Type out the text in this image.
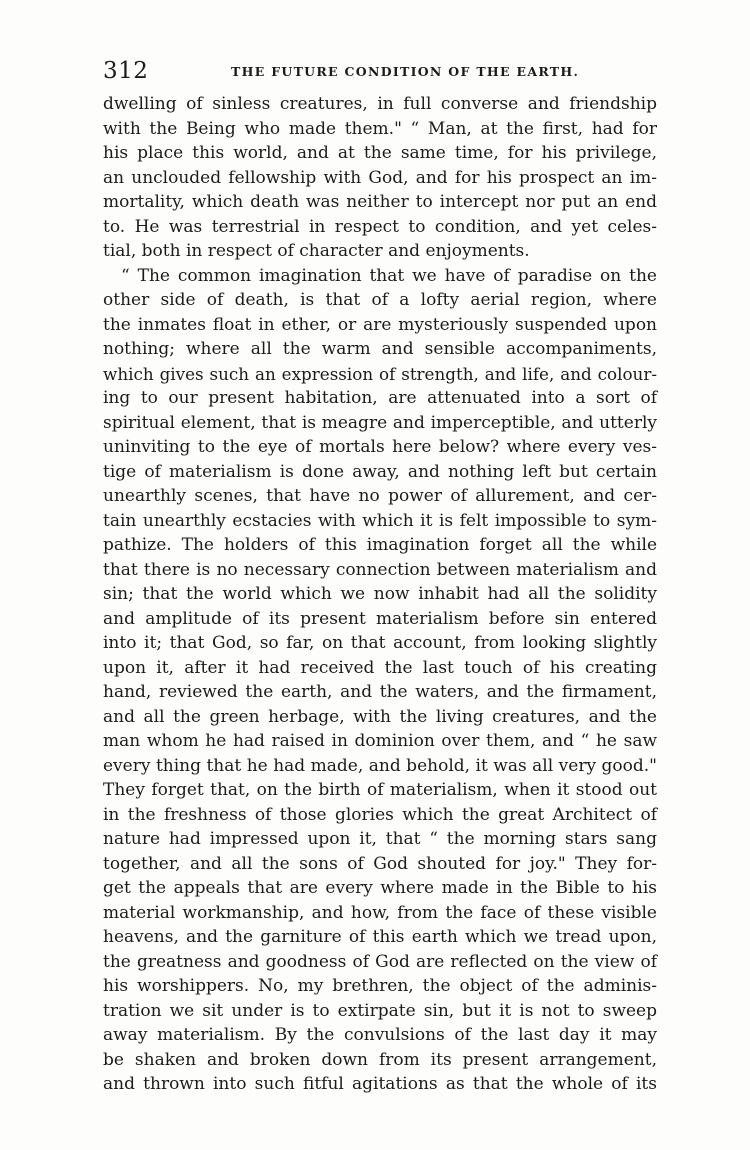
312	THE FUTURE CONDITION OF THE EARTH.
dwelling of sinless creatures, in full converse and friendship
with the Being who made them." “ Man, at the first, had for
his place this world, and at the same time, for his privilege,
an unclouded fellowship with God, and for his prospect an im-
mortality, which death was neither to intercept nor put an end
to. He was terrestrial in respect to condition, and yet celes-
tial, both in respect of character and enjoyments.
“ The common imagination that we have of paradise on the
other side of death, is that of a lofty aerial region, where
the inmates float in ether, or are mysteriously suspended upon
nothing; where all the warm and sensible accompaniments,
which gives such an expression of strength, and life, and colour-
ing to our present habitation, are attenuated into a sort of
spiritual element, that is meagre and imperceptible, and utterly
uninviting to the eye of mortals here below? where every ves-
tige of materialism is done away, and nothing left but certain
unearthly scenes, that have no power of allurement, and cer-
tain unearthly ecstacies with which it is felt impossible to sym-
pathize. The holders of this imagination forget all the while
that there is no necessary connection between materialism and
sin; that the world which we now inhabit had all the solidity
and amplitude of its present materialism before sin entered
into it; that God, so far, on that account, from looking slightly
upon it, after it had received the last touch of his creating
hand, reviewed the earth, and the waters, and the firmament,
and all the green herbage, with the living creatures, and the
man whom he had raised in dominion over them, and “ he saw
every thing that he had made, and behold, it was all very good."
They forget that, on the birth of materialism, when it stood out
in the freshness of those glories which the great Architect of
nature had impressed upon it, that “ the morning stars sang
together, and all the sons of God shouted for joy." They for-
get the appeals that are every where made in the Bible to his
material workmanship, and how, from the face of these visible
heavens, and the garniture of this earth which we tread upon,
the greatness and goodness of God are reflected on the view of
his worshippers. No, my brethren, the object of the adminis-
tration we sit under is to extirpate sin, but it is not to sweep
away materialism. By the convulsions of the last day it may
be shaken and broken down from its present arrangement,
and thrown into such fitful agitations as that the whole of its
